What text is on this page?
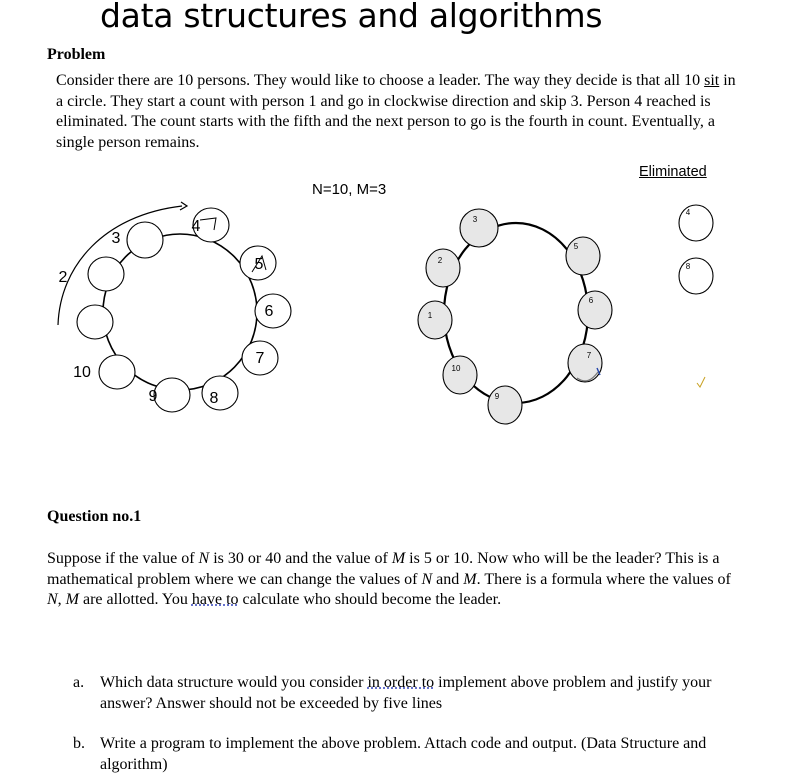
data structures and algorithms
Problem
Consider there are 10 persons. They would like to choose a leader. The way they decide is that all 10 sit in a circle. They start a count with person 1 and go in clockwise direction and skip 3. Person 4 reached is eliminated. The count starts with the fifth and the next person to go is the fourth in count. Eventually, a single person remains.
Eliminated
N=10, M=3
3
4
5
6
7
8
9
10
2
3
5
2
1
6
7
10
9
4
8
Question no.1
Suppose if the value of N is 30 or 40 and the value of M is 5 or 10. Now who will be the leader? This is a mathematical problem where we can change the values of N and M. There is a formula where the values of N, M are allotted. You have to calculate who should become the leader.
a. Which data structure would you consider in order to implement above problem and justify your answer? Answer should not be exceeded by five lines
b. Write a program to implement the above problem. Attach code and output. (Data Structure and algorithm)
